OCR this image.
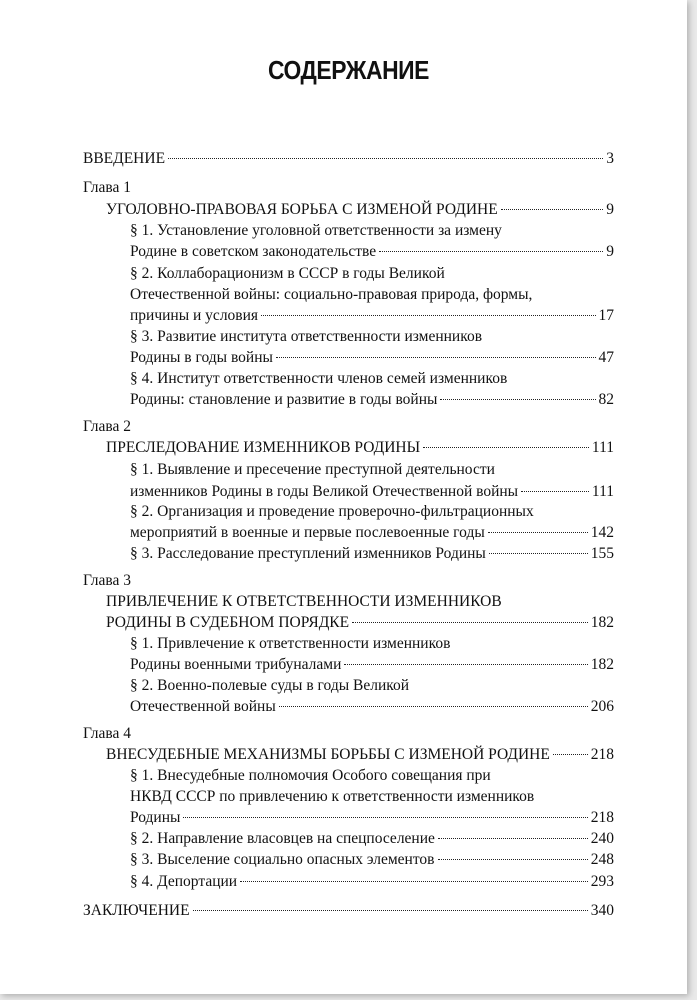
СОДЕРЖАНИЕ
ВВЕДЕНИЕ	3
Глава 1
УГОЛОВНО-ПРАВОВАЯ БОРЬБА С ИЗМЕНОЙ РОДИНЕ	9
§ 1. Установление уголовной ответственности за измену
Родине в советском законодательстве	9
§ 2. Коллаборационизм в СССР в годы Великой
Отечественной войны: социально-правовая природа, формы,
причины и условия	17
§ 3. Развитие института ответственности изменников
Родины в годы войны	47
§ 4. Институт ответственности членов семей изменников
Родины: становление и развитие в годы войны	82
Глава 2
ПРЕСЛЕДОВАНИЕ ИЗМЕННИКОВ РОДИНЫ	111
§ 1. Выявление и пресечение преступной деятельности
изменников Родины в годы Великой Отечественной войны	111
§ 2. Организация и проведение проверочно-фильтрационных
мероприятий в военные и первые послевоенные годы	142
§ 3. Расследование преступлений изменников Родины	155
Глава 3
ПРИВЛЕЧЕНИЕ К ОТВЕТСТВЕННОСТИ ИЗМЕННИКОВ
РОДИНЫ В СУДЕБНОМ ПОРЯДКЕ	182
§ 1. Привлечение к ответственности изменников
Родины военными трибуналами	182
§ 2. Военно-полевые суды в годы Великой
Отечественной войны	206
Глава 4
ВНЕСУДЕБНЫЕ МЕХАНИЗМЫ БОРЬБЫ С ИЗМЕНОЙ РОДИНЕ	218
§ 1. Внесудебные полномочия Особого совещания при
НКВД СССР по привлечению к ответственности изменников
Родины	218
§ 2. Направление власовцев на спецпоселение	240
§ 3. Выселение социально опасных элементов	248
§ 4. Депортации	293
ЗАКЛЮЧЕНИЕ	340
